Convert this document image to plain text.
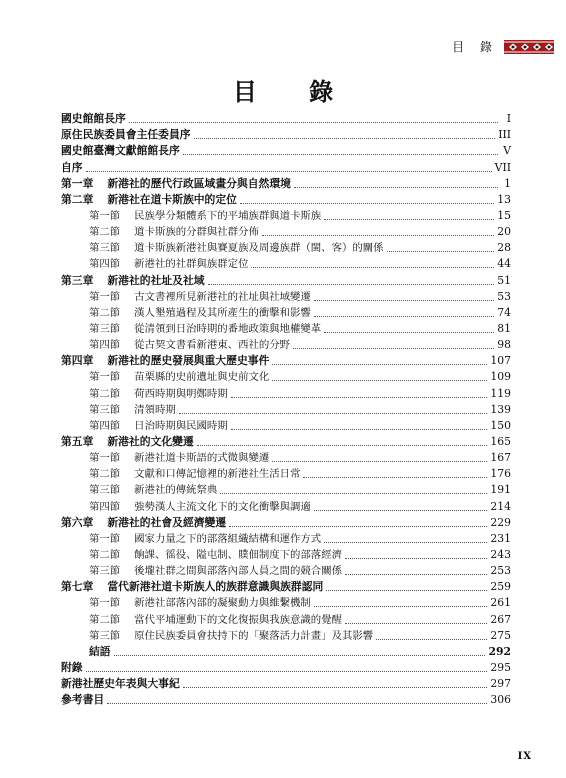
目 錄
目 錄
國史館館長序	I
原住民族委員會主任委員序	III
國史館臺灣文獻館館長序	V
自序	VII
第一章 新港社的歷代行政區域畫分與自然環境	1
第二章 新港社在道卡斯族中的定位	13
第一節 民族學分類體系下的平埔族群與道卡斯族	15
第二節 道卡斯族的分群與社群分佈	20
第三節 道卡斯族新港社與賽夏族及周邊族群（閩、客）的關係	28
第四節 新港社的社群與族群定位	44
第三章 新港社的社址及社域	51
第一節 古文書裡所見新港社的社址與社域變遷	53
第二節 漢人墾殖過程及其所產生的衝擊和影響	74
第三節 從清領到日治時期的番地政策與地權變革	81
第四節 從古契文書看新港東、西社的分野	98
第四章 新港社的歷史發展與重大歷史事件	107
第一節 苗栗縣的史前遺址與史前文化	109
第二節 荷西時期與明鄭時期	119
第三節 清領時期	139
第四節 日治時期與民國時期	150
第五章 新港社的文化變遷	165
第一節 新港社道卡斯語的式微與變遷	167
第二節 文獻和口傳記憶裡的新港社生活日常	176
第三節 新港社的傳統祭典	191
第四節 強勢漢人主流文化下的文化衝擊與調適	214
第六章 新港社的社會及經濟變遷	229
第一節 國家力量之下的部落組織結構和運作方式	231
第二節 餉課、徭役、隘屯制、贌佃制度下的部落經濟	243
第三節 後壠社群之間與部落內部人員之間的競合關係	253
第七章 當代新港社道卡斯族人的族群意識與族群認同	259
第一節 新港社部落內部的凝聚動力與維繫機制	261
第二節 當代平埔運動下的文化復振與我族意識的覺醒	267
第三節 原住民族委員會扶持下的「聚落活力計畫」及其影響	275
結語	292
附錄	295
新港社歷史年表與大事紀	297
參考書目	306
IX
